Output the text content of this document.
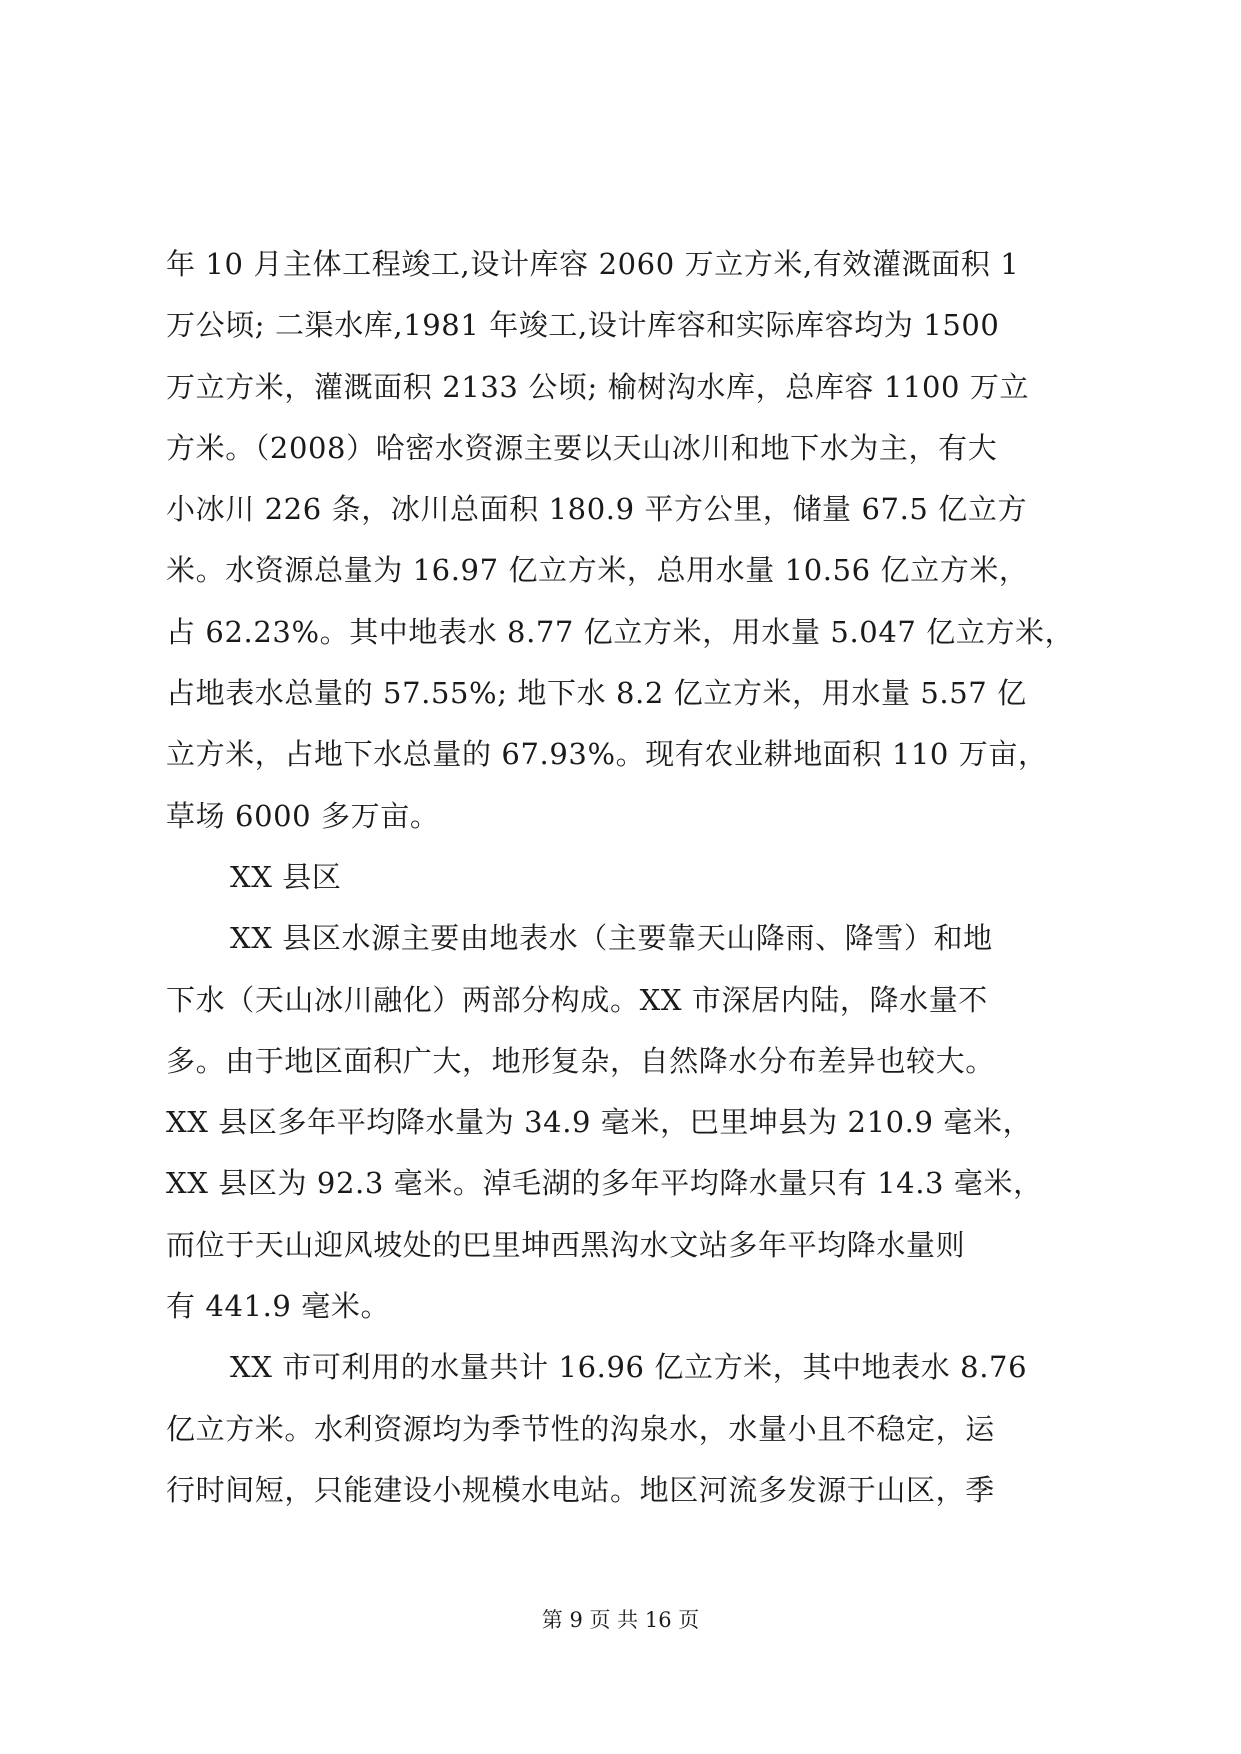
年 10 月主体工程竣工,设计库容 2060 万立方米,有效灌溉面积 1
万公顷; 二渠水库,1981 年竣工,设计库容和实际库容均为 1500
万立方米，灌溉面积 2133 公顷; 榆树沟水库，总库容 1100 万立
方米。（2008）哈密水资源主要以天山冰川和地下水为主，有大
小冰川 226 条，冰川总面积 180.9 平方公里，储量 67.5 亿立方
米。水资源总量为 16.97 亿立方米，总用水量 10.56 亿立方米，
占 62.23%。其中地表水 8.77 亿立方米，用水量 5.047 亿立方米，
占地表水总量的 57.55%; 地下水 8.2 亿立方米，用水量 5.57 亿
立方米，占地下水总量的 67.93%。现有农业耕地面积 110 万亩，
草场 6000 多万亩。
XX 县区
XX 县区水源主要由地表水（主要靠天山降雨、降雪）和地
下水（天山冰川融化）两部分构成。XX 市深居内陆，降水量不
多。由于地区面积广大，地形复杂，自然降水分布差异也较大。
XX 县区多年平均降水量为 34.9 毫米，巴里坤县为 210.9 毫米，
XX 县区为 92.3 毫米。淖毛湖的多年平均降水量只有 14.3 毫米，
而位于天山迎风坡处的巴里坤西黑沟水文站多年平均降水量则
有 441.9 毫米。
XX 市可利用的水量共计 16.96 亿立方米，其中地表水 8.76
亿立方米。水利资源均为季节性的沟泉水，水量小且不稳定，运
行时间短，只能建设小规模水电站。地区河流多发源于山区，季
第 9 页 共 16 页
